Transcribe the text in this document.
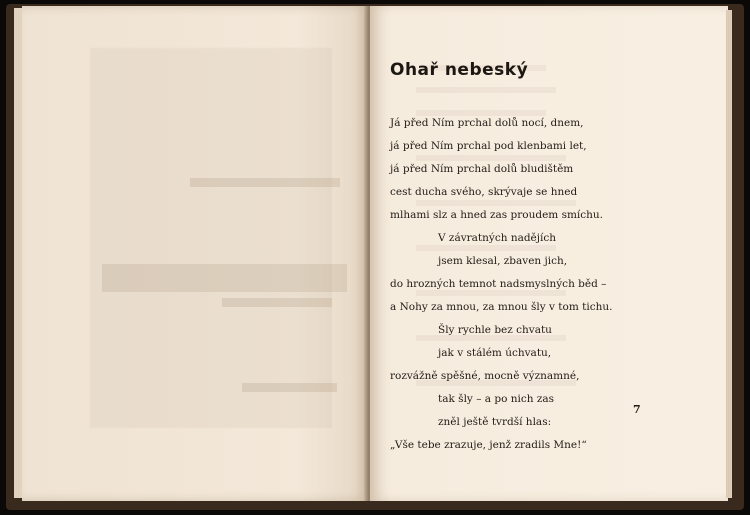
Ohař nebeský
Já před Ním prchal dolů nocí, dnem,
já před Ním prchal pod klenbami let,
já před Ním prchal dolů bludištěm
cest ducha svého, skrývaje se hned
mlhami slz a hned zas proudem smíchu.
V závratných nadějích
jsem klesal, zbaven jich,
do hrozných temnot nadsmyslných běd –
a Nohy za mnou, za mnou šly v tom tichu.
Šly rychle bez chvatu
jak v stálém úchvatu,
rozvážně spěšné, mocně významné,
tak šly – a po nich zas
zněl ještě tvrdší hlas:
„Vše tebe zrazuje, jenž zradils Mne!“
7
